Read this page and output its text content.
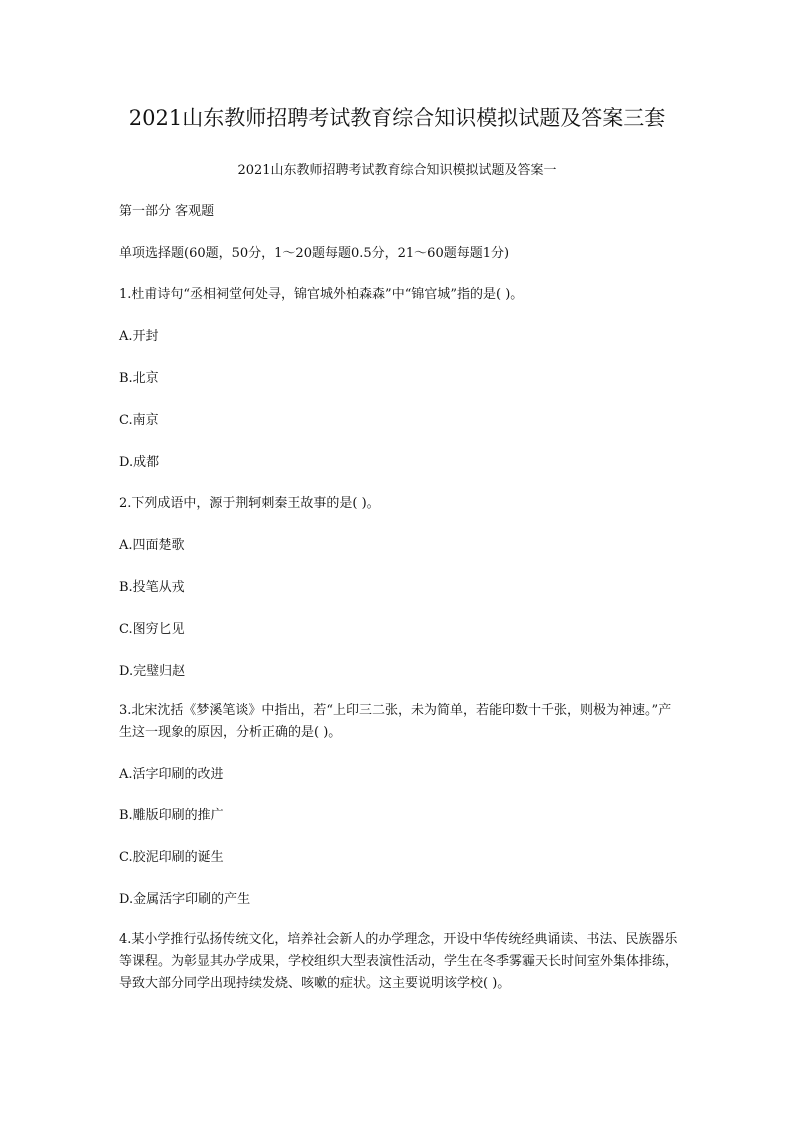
2021山东教师招聘考试教育综合知识模拟试题及答案三套

2021山东教师招聘考试教育综合知识模拟试题及答案一

第一部分 客观题

单项选择题(60题，50分，1～20题每题0.5分，21～60题每题1分)

1.杜甫诗句“丞相祠堂何处寻，锦官城外柏森森”中“锦官城”指的是( )。

A.开封

B.北京

C.南京

D.成都

2.下列成语中，源于荆轲刺秦王故事的是( )。

A.四面楚歌

B.投笔从戎

C.图穷匕见

D.完璧归赵

3.北宋沈括《梦溪笔谈》中指出，若“上印三二张，未为简单，若能印数十千张，则极为神速。”产生这一现象的原因，分析正确的是( )。

A.活字印刷的改进

B.雕版印刷的推广

C.胶泥印刷的诞生

D.金属活字印刷的产生

4.某小学推行弘扬传统文化，培养社会新人的办学理念，开设中华传统经典诵读、书法、民族器乐等课程。为彰显其办学成果，学校组织大型表演性活动，学生在冬季雾霾天长时间室外集体排练，导致大部分同学出现持续发烧、咳嗽的症状。这主要说明该学校( )。
